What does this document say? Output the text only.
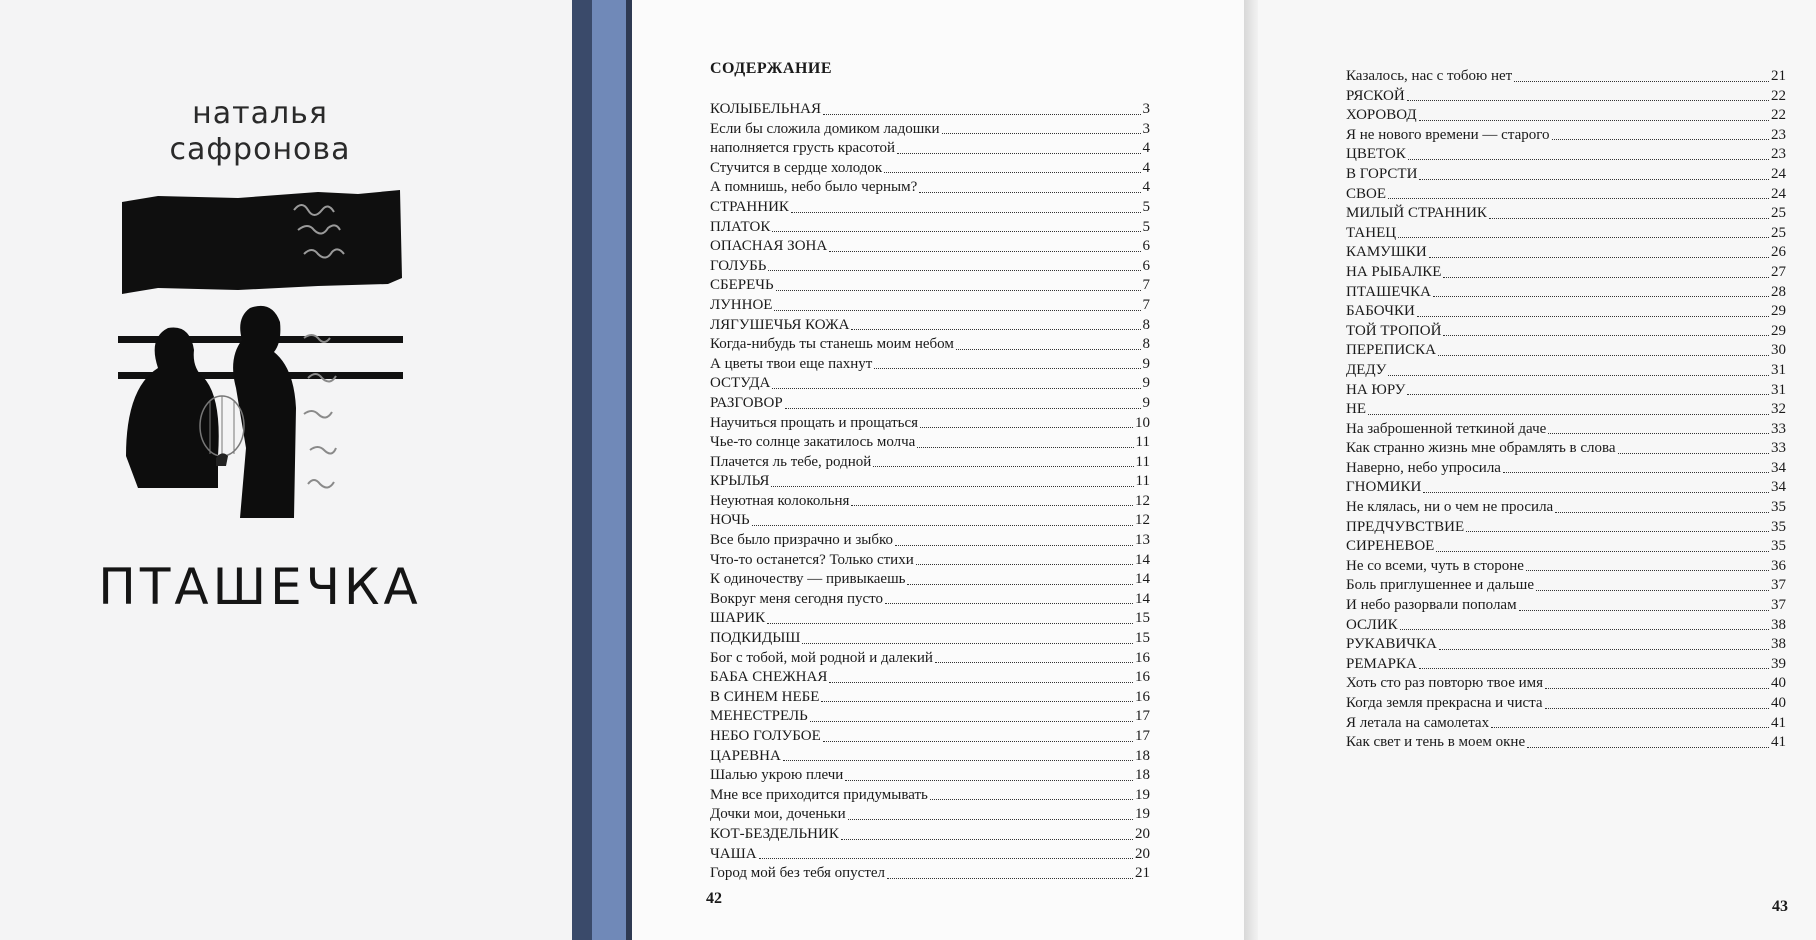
наталья
сафронова
ПТАШЕЧКА
СОДЕРЖАНИЕ
КОЛЫБЕЛЬНАЯ	3
Если бы сложила домиком ладошки	3
наполняется грусть красотой	4
Стучится в сердце холодок	4
А помнишь, небо было черным?	4
СТРАННИК	5
ПЛАТОК	5
ОПАСНАЯ ЗОНА	6
ГОЛУБЬ	6
СБЕРЕЧЬ	7
ЛУННОЕ	7
ЛЯГУШЕЧЬЯ КОЖА	8
Когда-нибудь ты станешь моим небом	8
А цветы твои еще пахнут	9
ОСТУДА	9
РАЗГОВОР	9
Научиться прощать и прощаться	10
Чье-то солнце закатилось молча	11
Плачется ль тебе, родной	11
КРЫЛЬЯ	11
Неуютная колокольня	12
НОЧЬ	12
Все было призрачно и зыбко	13
Что-то останется? Только стихи	14
К одиночеству — привыкаешь	14
Вокруг меня сегодня пусто	14
ШАРИК	15
ПОДКИДЫШ	15
Бог с тобой, мой родной и далекий	16
БАБА СНЕЖНАЯ	16
В СИНЕМ НЕБЕ	16
МЕНЕСТРЕЛЬ	17
НЕБО ГОЛУБОЕ	17
ЦАРЕВНА	18
Шалью укрою плечи	18
Мне все приходится придумывать	19
Дочки мои, доченьки	19
КОТ-БЕЗДЕЛЬНИК	20
ЧАША	20
Город мой без тебя опустел	21
Казалось, нас с тобою нет	21
РЯСКОЙ	22
ХОРОВОД	22
Я не нового времени — старого	23
ЦВЕТОК	23
В ГОРСТИ	24
СВОЕ	24
МИЛЫЙ СТРАННИК	25
ТАНЕЦ	25
КАМУШКИ	26
НА РЫБАЛКЕ	27
ПТАШЕЧКА	28
БАБОЧКИ	29
ТОЙ ТРОПОЙ	29
ПЕРЕПИСКА	30
ДЕДУ	31
НА ЮРУ	31
НЕ	32
На заброшенной теткиной даче	33
Как странно жизнь мне обрамлять в слова	33
Наверно, небо упросила	34
ГНОМИКИ	34
Не клялась, ни о чем не просила	35
ПРЕДЧУВСТВИЕ	35
СИРЕНЕВОЕ	35
Не со всеми, чуть в стороне	36
Боль приглушеннее и дальше	37
И небо разорвали пополам	37
ОСЛИК	38
РУКАВИЧКА	38
РЕМАРКА	39
Хоть сто раз повторю твое имя	40
Когда земля прекрасна и чиста	40
Я летала на самолетах	41
Как свет и тень в моем окне	41
42	43
